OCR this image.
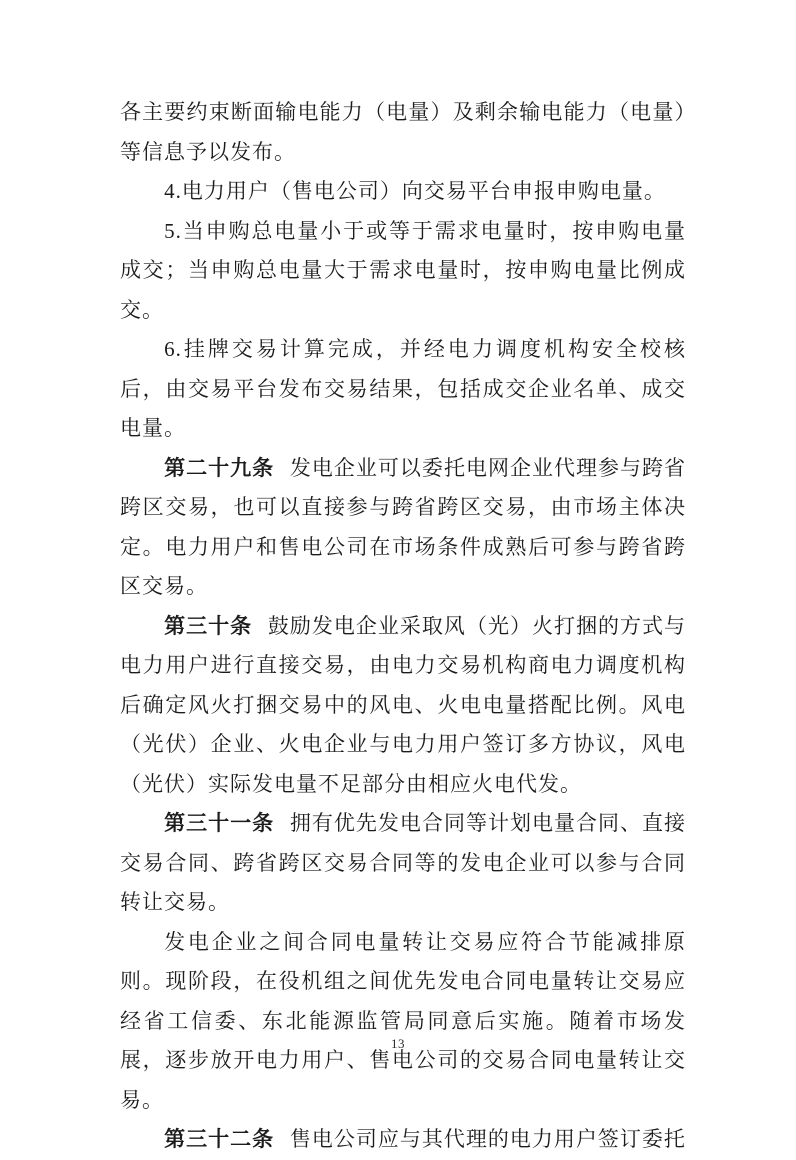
各主要约束断面输电能力（电量）及剩余输电能力（电量）等信息予以发布。

4.电力用户（售电公司）向交易平台申报申购电量。

5.当申购总电量小于或等于需求电量时，按申购电量成交；当申购总电量大于需求电量时，按申购电量比例成交。

6.挂牌交易计算完成，并经电力调度机构安全校核后，由交易平台发布交易结果，包括成交企业名单、成交电量。

第二十九条 发电企业可以委托电网企业代理参与跨省跨区交易，也可以直接参与跨省跨区交易，由市场主体决定。电力用户和售电公司在市场条件成熟后可参与跨省跨区交易。

第三十条 鼓励发电企业采取风（光）火打捆的方式与电力用户进行直接交易，由电力交易机构商电力调度机构后确定风火打捆交易中的风电、火电电量搭配比例。风电（光伏）企业、火电企业与电力用户签订多方协议，风电（光伏）实际发电量不足部分由相应火电代发。

第三十一条 拥有优先发电合同等计划电量合同、直接交易合同、跨省跨区交易合同等的发电企业可以参与合同转让交易。

发电企业之间合同电量转让交易应符合节能减排原则。现阶段，在役机组之间优先发电合同电量转让交易应经省工信委、东北能源监管局同意后实施。随着市场发展，逐步放开电力用户、售电公司的交易合同电量转让交易。

第三十二条 售电公司应与其代理的电力用户签订委托

13
